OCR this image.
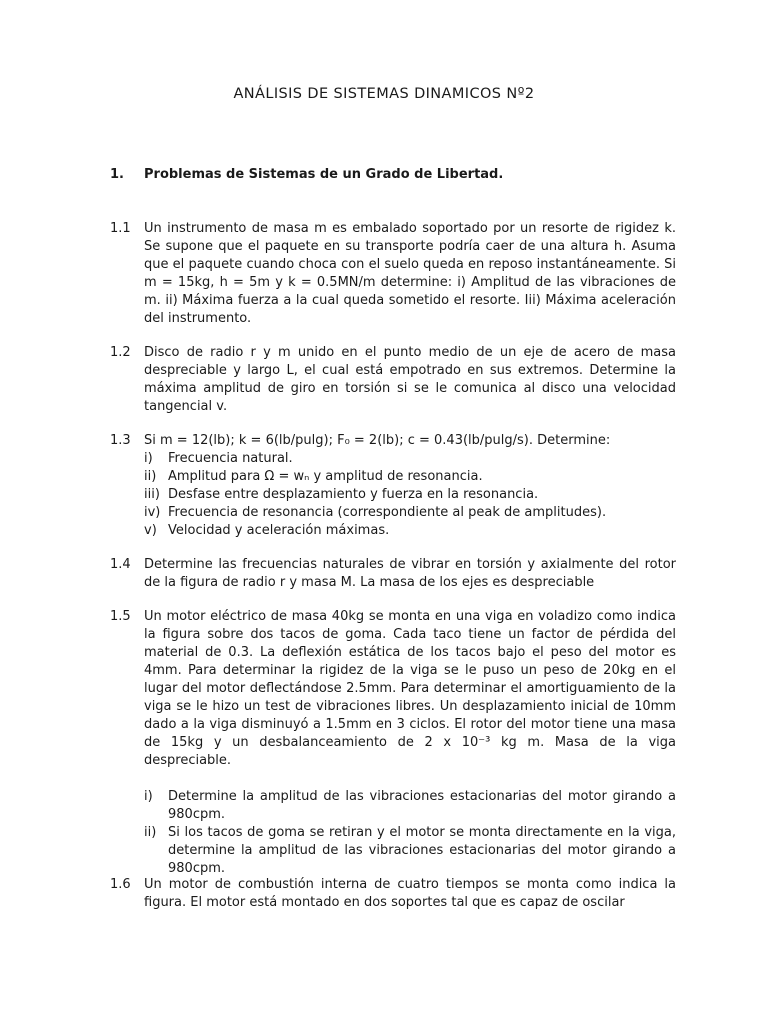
ANÁLISIS DE SISTEMAS DINAMICOS Nº2
1. Problemas de Sistemas de un Grado de Libertad.
1.1	Un instrumento de masa m es embalado soportado por un resorte de rigidez k. Se supone que el paquete en su transporte podría caer de una altura h. Asuma que el paquete cuando choca con el suelo queda en reposo instantáneamente. Si m = 15kg, h = 5m y k = 0.5MN/m determine: i) Amplitud de las vibraciones de m. ii) Máxima fuerza a la cual queda sometido el resorte. Iii) Máxima aceleración del instrumento.
1.2	Disco de radio r y m unido en el punto medio de un eje de acero de masa despreciable y largo L, el cual está empotrado en sus extremos. Determine la máxima amplitud de giro en torsión si se le comunica al disco una velocidad tangencial v.
1.3	Si m = 12(lb); k = 6(lb/pulg); F₀ = 2(lb); c = 0.43(lb/pulg/s). Determine:
i) Frecuencia natural.
ii) Amplitud para Ω = wₙ y amplitud de resonancia.
iii) Desfase entre desplazamiento y fuerza en la resonancia.
iv) Frecuencia de resonancia (correspondiente al peak de amplitudes).
v) Velocidad y aceleración máximas.
1.4	Determine las frecuencias naturales de vibrar en torsión y axialmente del rotor de la figura de radio r y masa M. La masa de los ejes es despreciable
1.5	Un motor eléctrico de masa 40kg se monta en una viga en voladizo como indica la figura sobre dos tacos de goma. Cada taco tiene un factor de pérdida del material de 0.3. La deflexión estática de los tacos bajo el peso del motor es 4mm. Para determinar la rigidez de la viga se le puso un peso de 20kg en el lugar del motor deflectándose 2.5mm. Para determinar el amortiguamiento de la viga se le hizo un test de vibraciones libres. Un desplazamiento inicial de 10mm dado a la viga disminuyó a 1.5mm en 3 ciclos. El rotor del motor tiene una masa de 15kg y un desbalanceamiento de 2 x 10⁻³ kg m. Masa de la viga despreciable.
i) Determine la amplitud de las vibraciones estacionarias del motor girando a 980cpm.
ii) Si los tacos de goma se retiran y el motor se monta directamente en la viga, determine la amplitud de las vibraciones estacionarias del motor girando a 980cpm.
1.6	Un motor de combustión interna de cuatro tiempos se monta como indica la figura. El motor está montado en dos soportes tal que es capaz de oscilar
